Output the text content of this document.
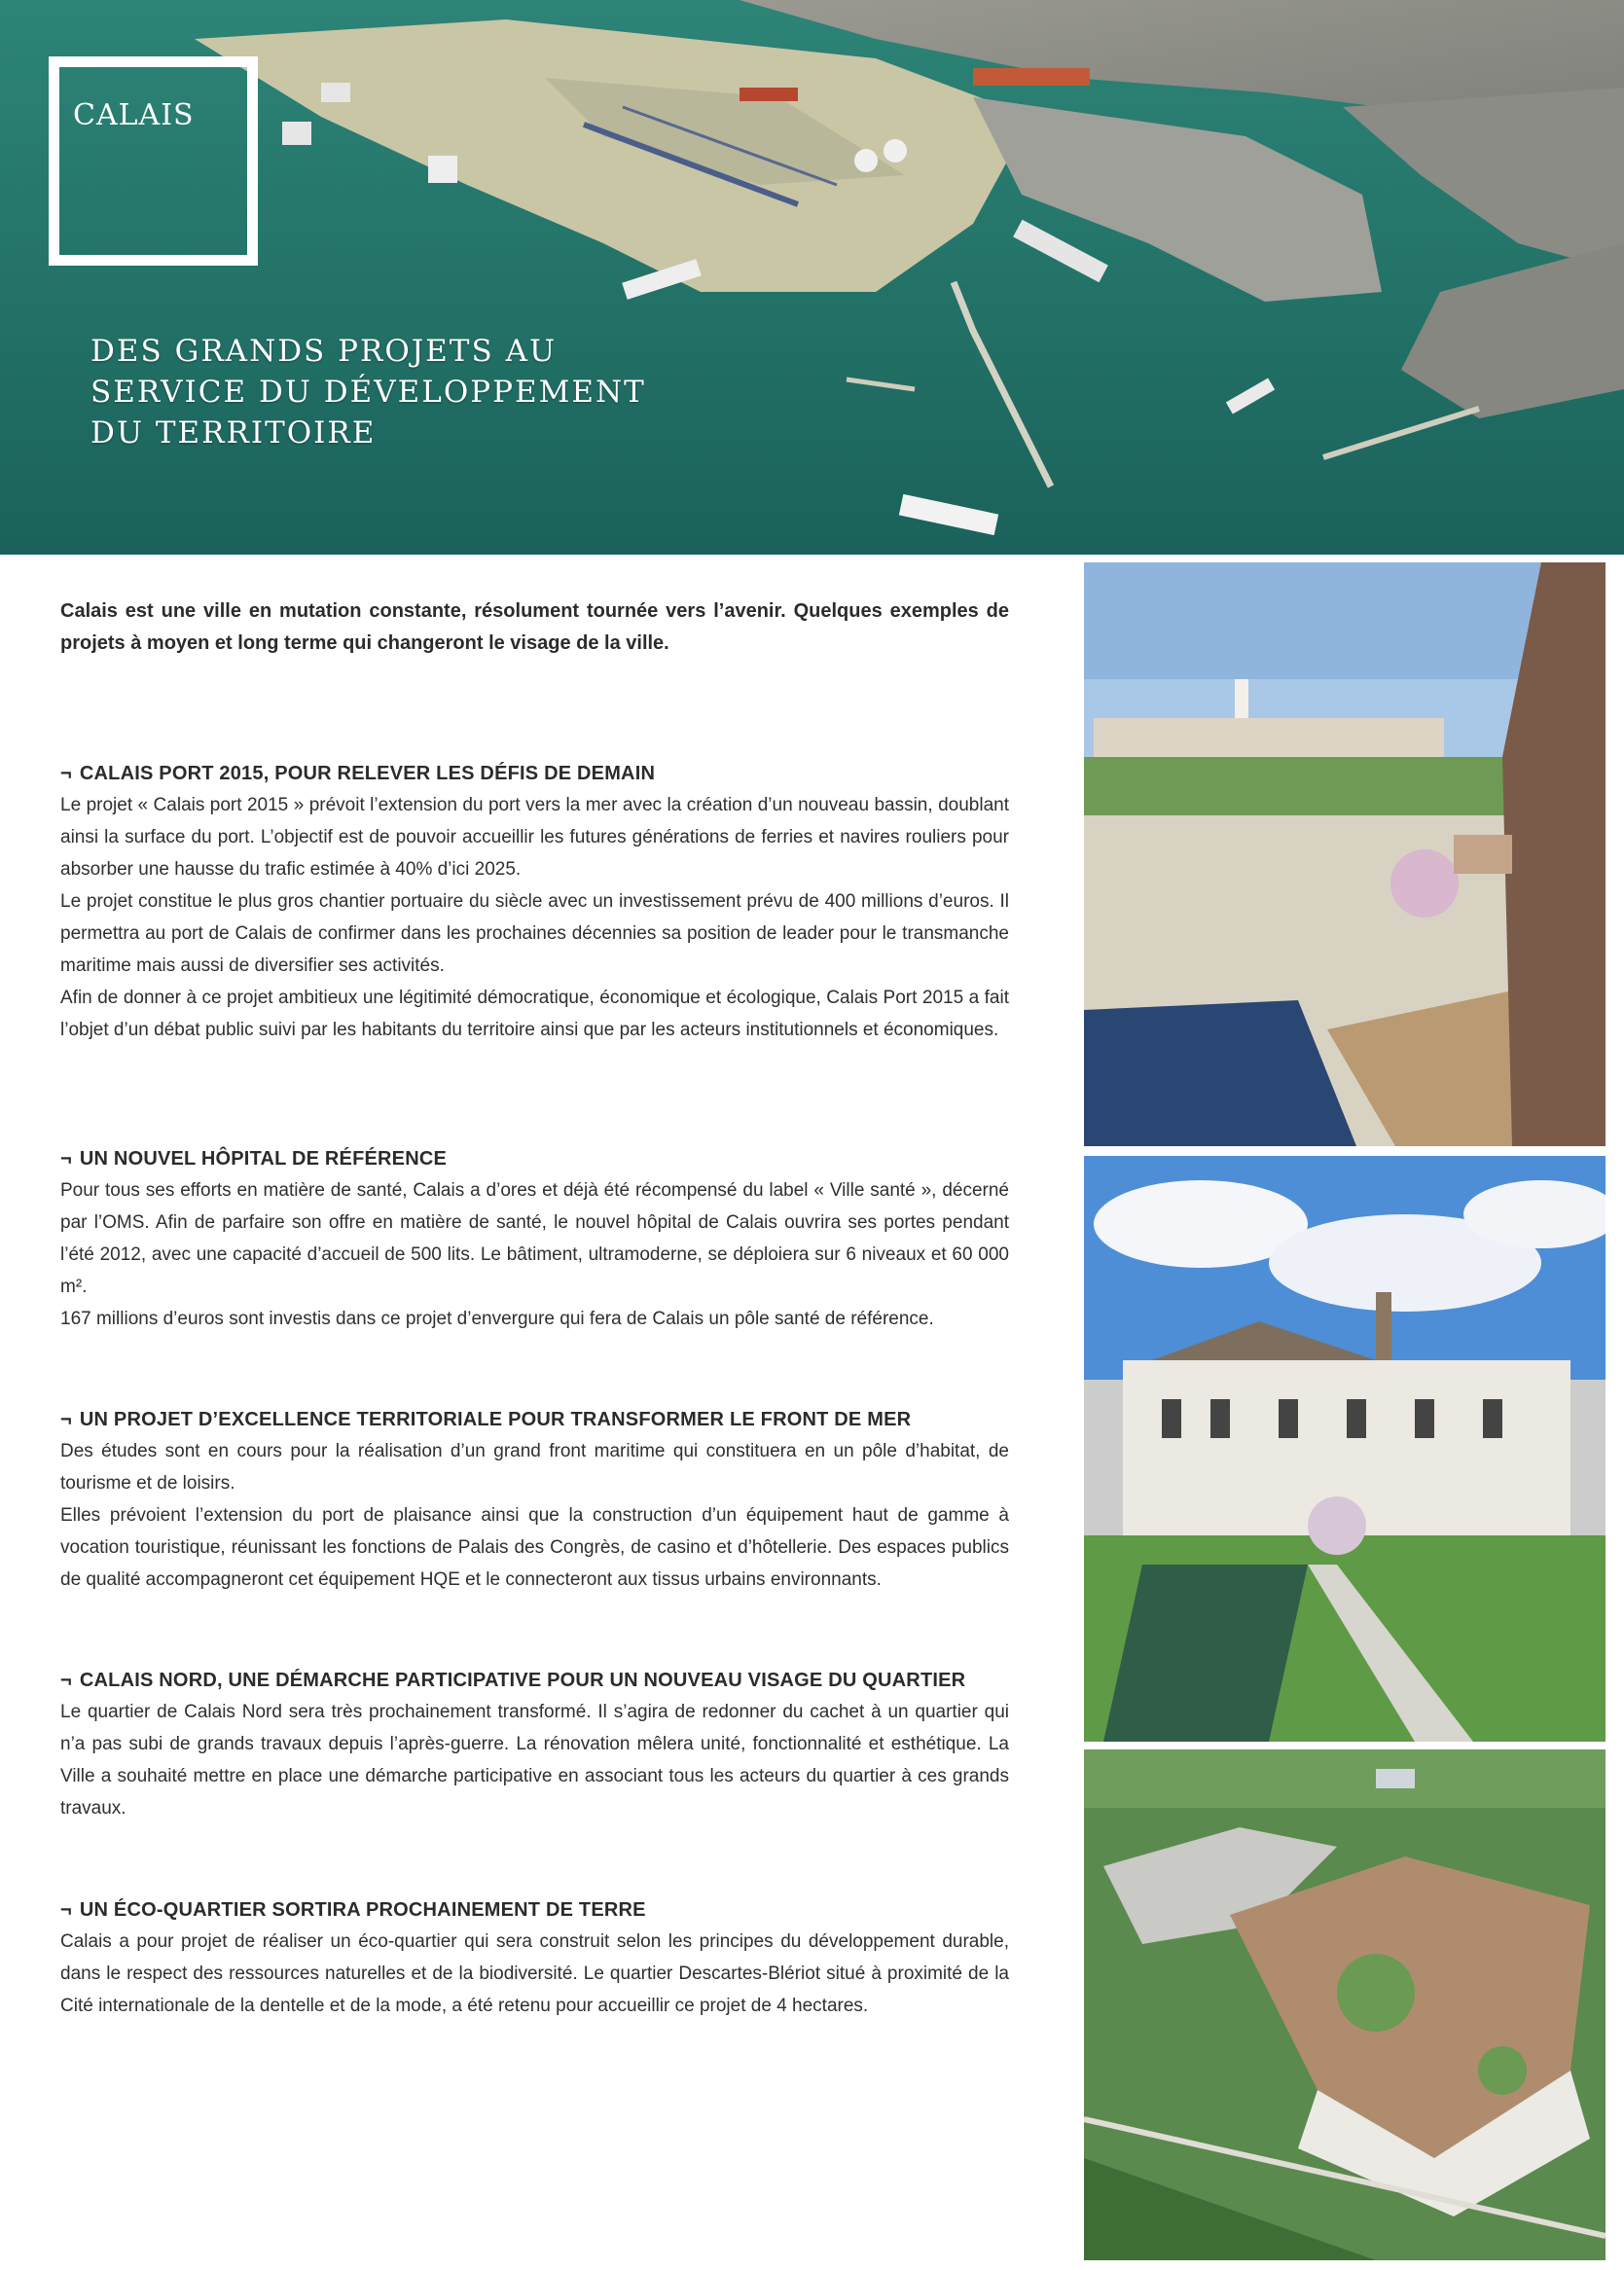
CALAIS
DES GRANDS PROJETS AU
SERVICE DU DÉVELOPPEMENT
DU TERRITOIRE
Calais est une ville en mutation constante, résolument tournée vers l’avenir. Quelques exemples de projets à moyen et long terme qui changeront le visage de la ville.
¬ CALAIS PORT 2015, POUR RELEVER LES DÉFIS DE DEMAIN

Le projet « Calais port 2015 » prévoit l’extension du port vers la mer avec la création d’un nouveau bassin, doublant ainsi la surface du port. L’objectif est de pouvoir accueillir les futures générations de ferries et navires rouliers pour absorber une hausse du trafic estimée à 40% d’ici 2025.

Le projet constitue le plus gros chantier portuaire du siècle avec un investissement prévu de 400 millions d’euros. Il permettra au port de Calais de confirmer dans les prochaines décennies sa position de leader pour le transmanche maritime mais aussi de diversifier ses activités.

Afin de donner à ce projet ambitieux une légitimité démocratique, économique et écologique, Calais Port 2015 a fait l’objet d’un débat public suivi par les habitants du territoire ainsi que par les acteurs institutionnels et économiques.

¬ UN NOUVEL HÔPITAL DE RÉFÉRENCE

Pour tous ses efforts en matière de santé, Calais a d’ores et déjà été récompensé du label « Ville santé », décerné par l’OMS. Afin de parfaire son offre en matière de santé, le nouvel hôpital de Calais ouvrira ses portes pendant l’été 2012, avec une capacité d’accueil de 500 lits. Le bâtiment, ultramoderne, se déploiera sur 6 niveaux et 60 000 m².

167 millions d’euros sont investis dans ce projet d’envergure qui fera de Calais un pôle santé de référence.

¬ UN PROJET D’EXCELLENCE TERRITORIALE POUR TRANSFORMER LE FRONT DE MER

Des études sont en cours pour la réalisation d’un grand front maritime qui constituera en un pôle d’habitat, de tourisme et de loisirs.

Elles prévoient l’extension du port de plaisance ainsi que la construction d’un équipement haut de gamme à vocation touristique, réunissant les fonctions de Palais des Congrès, de casino et d’hôtellerie. Des espaces publics de qualité accompagneront cet équipement HQE et le connecteront aux tissus urbains environnants.

¬ CALAIS NORD, UNE DÉMARCHE PARTICIPATIVE POUR UN NOUVEAU VISAGE DU QUARTIER

Le quartier de Calais Nord sera très prochainement transformé. Il s’agira de redonner du cachet à un quartier qui n’a pas subi de grands travaux depuis l’après-guerre. La rénovation mêlera unité, fonctionnalité et esthétique. La Ville a souhaité mettre en place une démarche participative en associant tous les acteurs du quartier à ces grands travaux.

¬ UN ÉCO-QUARTIER SORTIRA PROCHAINEMENT DE TERRE

Calais a pour projet de réaliser un éco-quartier qui sera construit selon les principes du développement durable, dans le respect des ressources naturelles et de la biodiversité. Le quartier Descartes-Blériot situé à proximité de la Cité internationale de la dentelle et de la mode, a été retenu pour accueillir ce projet de 4 hectares.
